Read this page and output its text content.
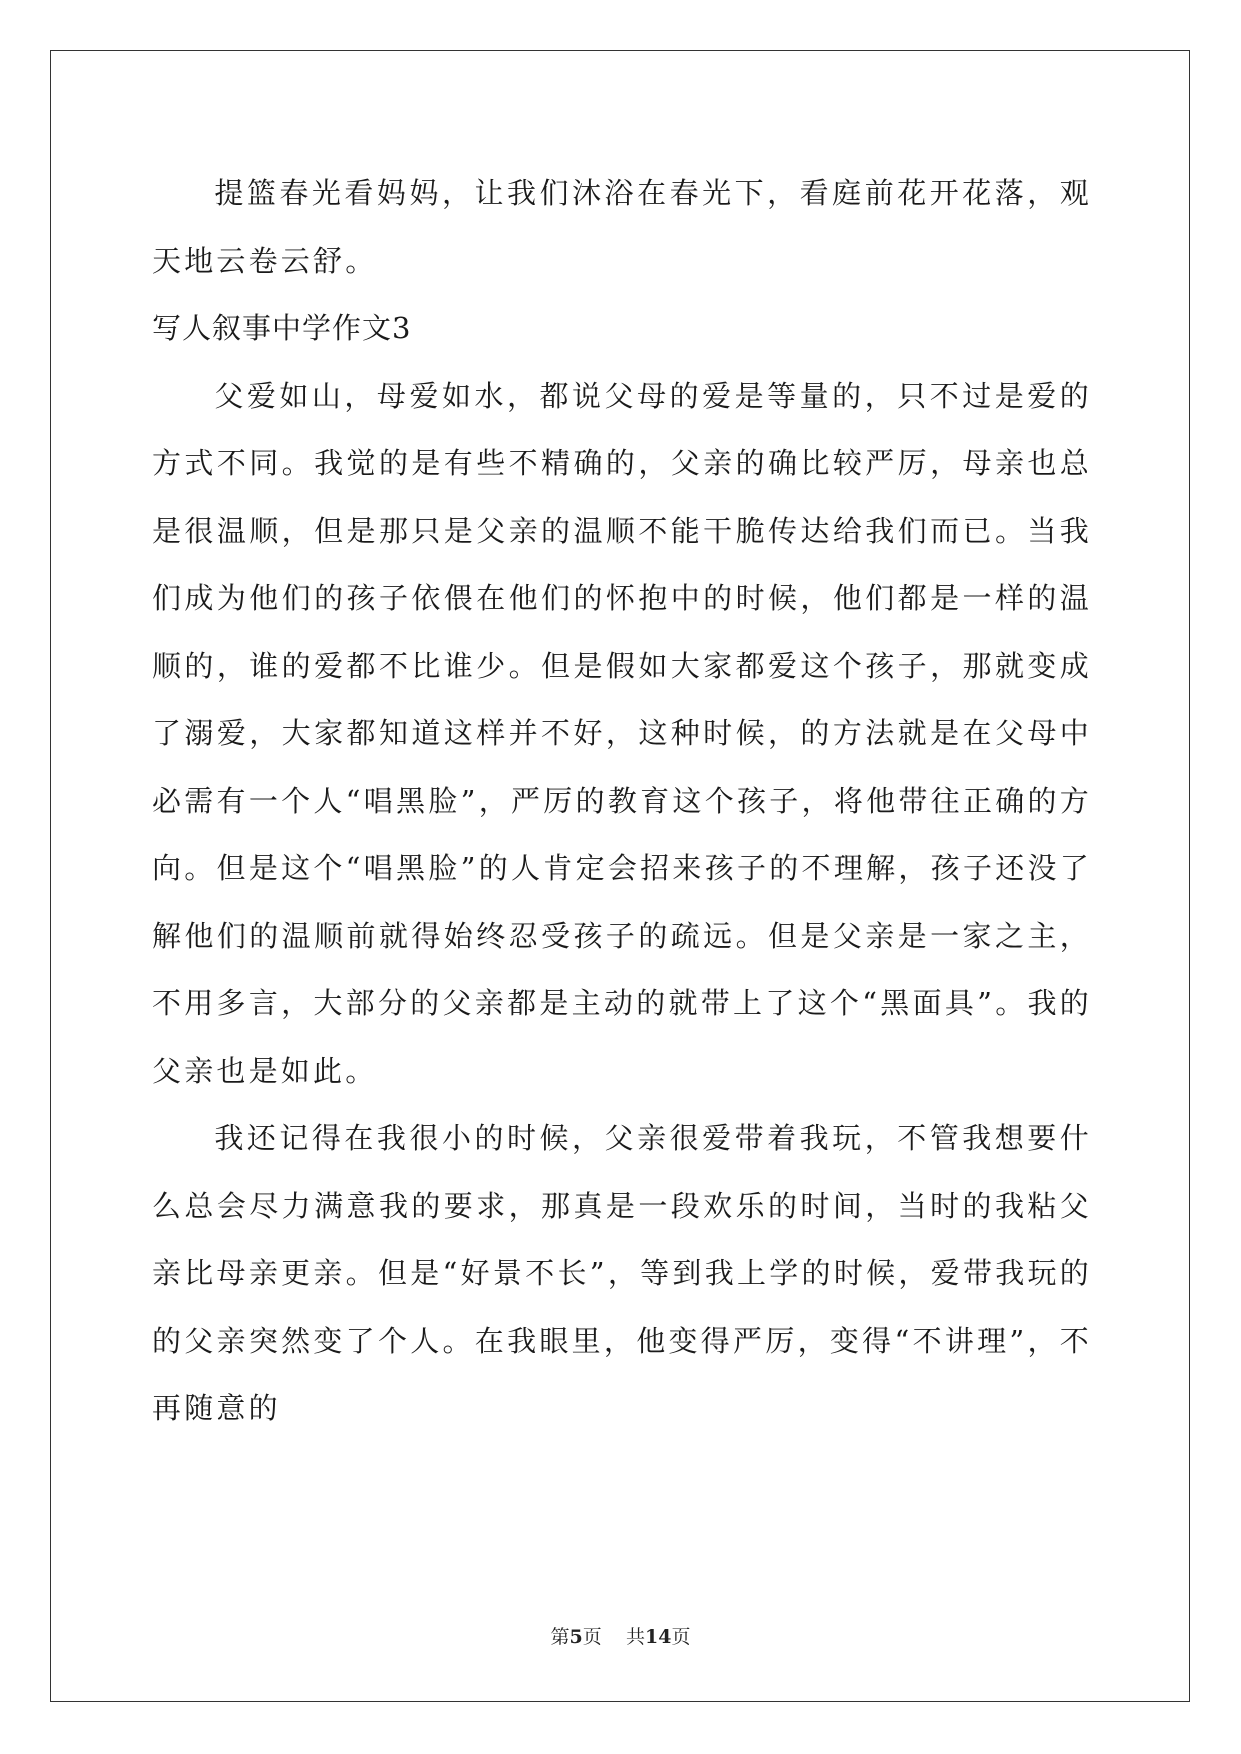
提篮春光看妈妈，让我们沐浴在春光下，看庭前花开花落，观天地云卷云舒。

写人叙事中学作文3

父爱如山，母爱如水，都说父母的爱是等量的，只不过是爱的方式不同。我觉的是有些不精确的，父亲的确比较严厉，母亲也总是很温顺，但是那只是父亲的温顺不能干脆传达给我们而已。当我们成为他们的孩子依偎在他们的怀抱中的时候，他们都是一样的温顺的，谁的爱都不比谁少。但是假如大家都爱这个孩子，那就变成了溺爱，大家都知道这样并不好，这种时候，的方法就是在父母中必需有一个人“唱黑脸”，严厉的教育这个孩子，将他带往正确的方向。但是这个“唱黑脸”的人肯定会招来孩子的不理解，孩子还没了解他们的温顺前就得始终忍受孩子的疏远。但是父亲是一家之主，不用多言，大部分的父亲都是主动的就带上了这个“黑面具”。我的父亲也是如此。

我还记得在我很小的时候，父亲很爱带着我玩，不管我想要什么总会尽力满意我的要求，那真是一段欢乐的时间，当时的我粘父亲比母亲更亲。但是“好景不长”，等到我上学的时候，爱带我玩的的父亲突然变了个人。在我眼里，他变得严厉，变得“不讲理”，不再随意的

第5页 共14页
